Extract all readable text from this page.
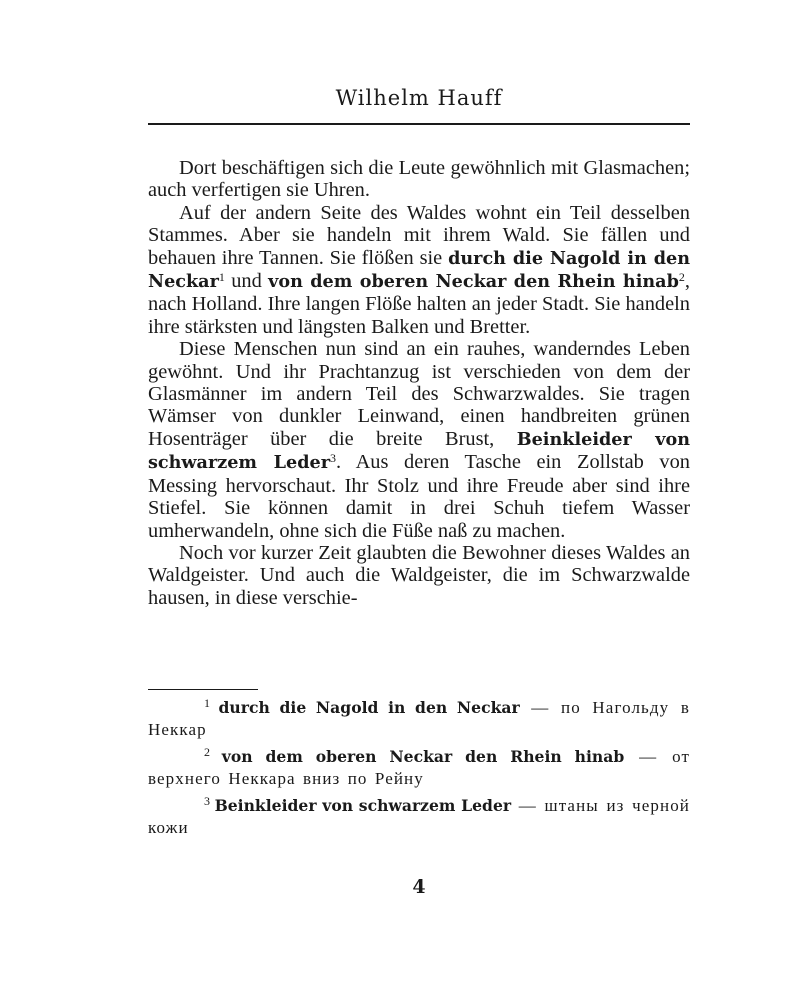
Wilhelm Hauff

Dort beschäftigen sich die Leute gewöhnlich mit Glasmachen; auch verfertigen sie Uhren.

Auf der andern Seite des Waldes wohnt ein Teil desselben Stammes. Aber sie handeln mit ihrem Wald. Sie fällen und behauen ihre Tannen. Sie flößen sie durch die Nagold in den Neckar$^1$ und von dem oberen Neckar den Rhein hinab$^2$, nach Holland. Ihre langen Flöße halten an jeder Stadt. Sie handeln ihre stärksten und längsten Balken und Bretter.

Diese Menschen nun sind an ein rauhes, wanderndes Leben gewöhnt. Und ihr Prachtanzug ist verschieden von dem der Glasmänner im andern Teil des Schwarzwaldes. Sie tragen Wämser von dunkler Leinwand, einen handbreiten grünen Hosenträger über die breite Brust, Beinkleider von schwarzem Leder$^3$. Aus deren Tasche ein Zollstab von Messing hervorschaut. Ihr Stolz und ihre Freude aber sind ihre Stiefel. Sie können damit in drei Schuh tiefem Wasser umherwandeln, ohne sich die Füße naß zu machen.

Noch vor kurzer Zeit glaubten die Bewohner dieses Waldes an Waldgeister. Und auch die Waldgeister, die im Schwarzwalde hausen, in diese verschie-

$^1$ durch die Nagold in den Neckar — по Нагольду в Неккар

$^2$ von dem oberen Neckar den Rhein hinab — от верхнего Неккара вниз по Рейну

$^3$ Beinkleider von schwarzem Leder — штаны из черной кожи

4
